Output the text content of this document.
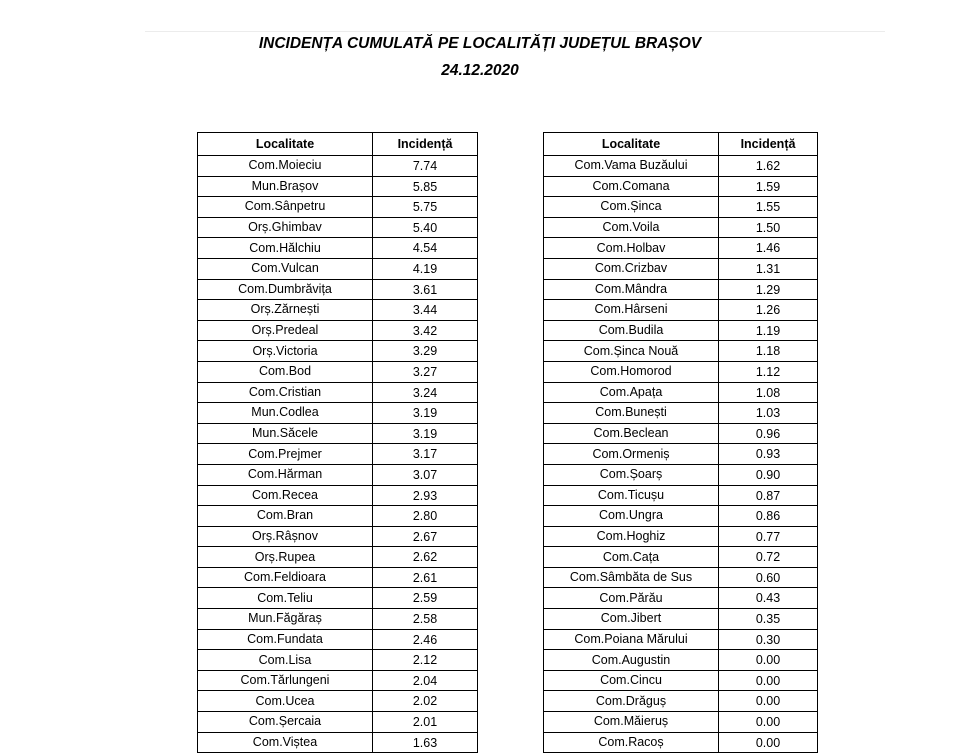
INCIDENȚA CUMULATĂ PE LOCALITĂȚI JUDEȚUL BRAȘOV
24.12.2020
Localitate	Incidență
Com.Moieciu	7.74
Mun.Brașov	5.85
Com.Sânpetru	5.75
Orș.Ghimbav	5.40
Com.Hălchiu	4.54
Com.Vulcan	4.19
Com.Dumbrăvița	3.61
Orș.Zărnești	3.44
Orș.Predeal	3.42
Orș.Victoria	3.29
Com.Bod	3.27
Com.Cristian	3.24
Mun.Codlea	3.19
Mun.Săcele	3.19
Com.Prejmer	3.17
Com.Hărman	3.07
Com.Recea	2.93
Com.Bran	2.80
Orș.Râșnov	2.67
Orș.Rupea	2.62
Com.Feldioara	2.61
Com.Teliu	2.59
Mun.Făgăraș	2.58
Com.Fundata	2.46
Com.Lisa	2.12
Com.Tărlungeni	2.04
Com.Ucea	2.02
Com.Șercaia	2.01
Com.Viștea	1.63
Localitate	Incidență
Com.Vama Buzăului	1.62
Com.Comana	1.59
Com.Șinca	1.55
Com.Voila	1.50
Com.Holbav	1.46
Com.Crizbav	1.31
Com.Mândra	1.29
Com.Hârseni	1.26
Com.Budila	1.19
Com.Șinca Nouă	1.18
Com.Homorod	1.12
Com.Apața	1.08
Com.Bunești	1.03
Com.Beclean	0.96
Com.Ormeniș	0.93
Com.Șoarș	0.90
Com.Ticușu	0.87
Com.Ungra	0.86
Com.Hoghiz	0.77
Com.Cața	0.72
Com.Sâmbăta de Sus	0.60
Com.Părău	0.43
Com.Jibert	0.35
Com.Poiana Mărului	0.30
Com.Augustin	0.00
Com.Cincu	0.00
Com.Drăguș	0.00
Com.Măieruș	0.00
Com.Racoș	0.00
